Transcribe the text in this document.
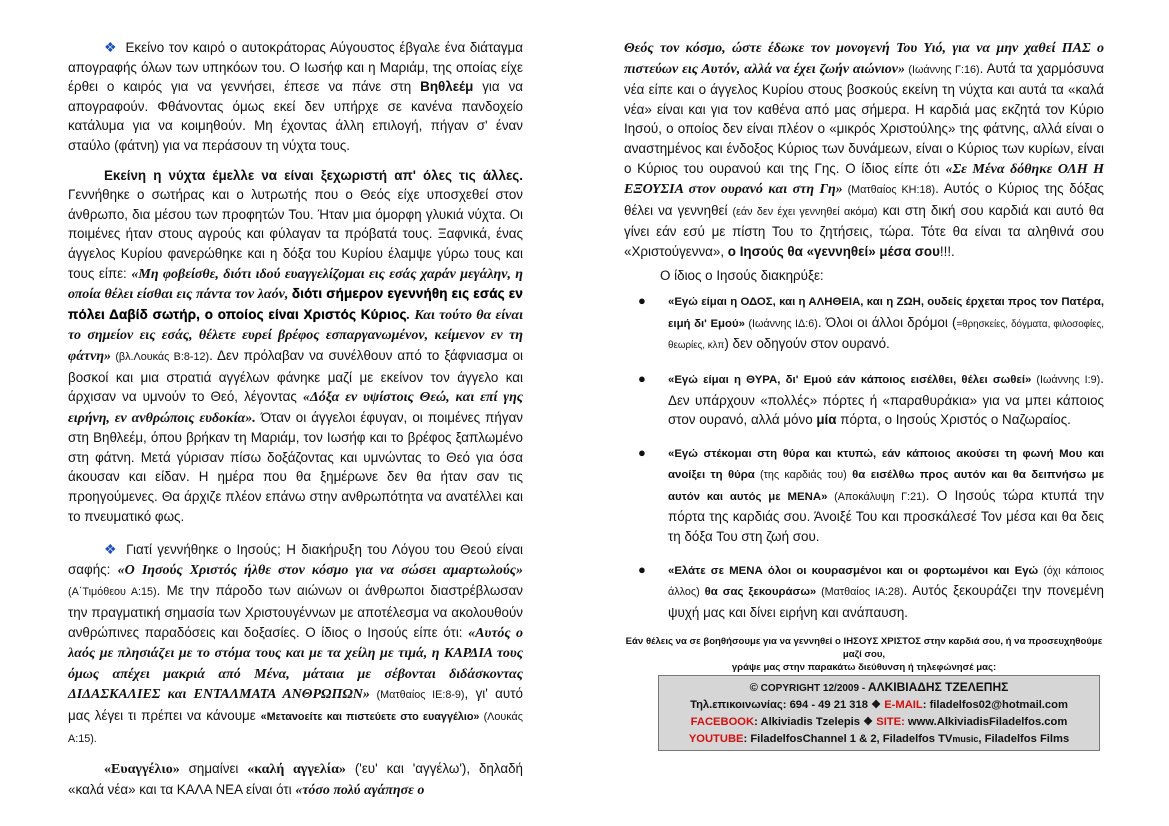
❖ Εκείνο τον καιρό ο αυτοκράτορας Αύγουστος έβγαλε ένα διάταγμα απογραφής όλων των υπηκόων του. Ο Ιωσήφ και η Μαριάμ, της οποίας είχε έρθει ο καιρός για να γεννήσει, έπεσε να πάνε στη Βηθλεέμ για να απογραφούν. Φθάνοντας όμως εκεί δεν υπήρχε σε κανένα πανδοχείο κατάλυμα για να κοιμηθούν. Μη έχοντας άλλη επιλογή, πήγαν σ' έναν σταύλο (φάτνη) για να περάσουν τη νύχτα τους.

Εκείνη η νύχτα έμελλε να είναι ξεχωριστή απ' όλες τις άλλες. Γεννήθηκε ο σωτήρας και ο λυτρωτής που ο Θεός είχε υποσχεθεί στον άνθρωπο, δια μέσου των προφητών Του. Ήταν μια όμορφη γλυκιά νύχτα. Οι ποιμένες ήταν στους αγρούς και φύλαγαν τα πρόβατά τους. Ξαφνικά, ένας άγγελος Κυρίου φανερώθηκε και η δόξα του Κυρίου έλαμψε γύρω τους και τους είπε: «Μη φοβείσθε, διότι ιδού ευαγγελίζομαι εις εσάς χαράν μεγάλην, η οποία θέλει είσθαι εις πάντα τον λαόν, διότι σήμερον εγεννήθη εις εσάς εν πόλει Δαβίδ σωτήρ, ο οποίος είναι Χριστός Κύριος. Και τούτο θα είναι το σημείον εις εσάς, θέλετε ευρεί βρέφος εσπαργανωμένον, κείμενον εν τη φάτνη» (βλ.Λουκάς Β:8-12). Δεν πρόλαβαν να συνέλθουν από το ξάφνιασμα οι βοσκοί και μια στρατιά αγγέλων φάνηκε μαζί με εκείνον τον άγγελο και άρχισαν να υμνούν το Θεό, λέγοντας «Δόξα εν υψίστοις Θεώ, και επί γης ειρήνη, εν ανθρώποις ευδοκία». Όταν οι άγγελοι έφυγαν, οι ποιμένες πήγαν στη Βηθλεέμ, όπου βρήκαν τη Μαριάμ, τον Ιωσήφ και το βρέφος ξαπλωμένο στη φάτνη. Μετά γύρισαν πίσω δοξάζοντας και υμνώντας το Θεό για όσα άκουσαν και είδαν. Η ημέρα που θα ξημέρωνε δεν θα ήταν σαν τις προηγούμενες. Θα άρχιζε πλέον επάνω στην ανθρωπότητα να ανατέλλει και το πνευματικό φως.

❖ Γιατί γεννήθηκε ο Ιησούς; Η διακήρυξη του Λόγου του Θεού είναι σαφής: «Ο Ιησούς Χριστός ήλθε στον κόσμο για να σώσει αμαρτωλούς» (Α΄Τιμόθεου Α:15). Με την πάροδο των αιώνων οι άνθρωποι διαστρέβλωσαν την πραγματική σημασία των Χριστουγέννων με αποτέλεσμα να ακολουθούν ανθρώπινες παραδόσεις και δοξασίες. Ο ίδιος ο Ιησούς είπε ότι: «Αυτός ο λαός με πλησιάζει με το στόμα τους και με τα χείλη με τιμά, η ΚΑΡΔΙΑ τους όμως απέχει μακριά από Μένα, μάταια με σέβονται διδάσκοντας ΔΙΔΑΣΚΑΛΙΕΣ και ΕΝΤΑΛΜΑΤΑ ΑΝΘΡΩΠΩΝ» (Ματθαίος ΙΕ:8-9), γι' αυτό μας λέγει τι πρέπει να κάνουμε «Μετανοείτε και πιστεύετε στο ευαγγέλιο» (Λουκάς Α:15).

«Ευαγγέλιο» σημαίνει «καλή αγγελία» ('ευ' και 'αγγέλω'), δηλαδή «καλά νέα» και τα ΚΑΛΑ ΝΕΑ είναι ότι «τόσο πολύ αγάπησε ο

Θεός τον κόσμο, ώστε έδωκε τον μονογενή Του Υιό, για να μην χαθεί ΠΑΣ ο πιστεύων εις Αυτόν, αλλά να έχει ζωήν αιώνιον» (Ιωάννης Γ:16). Αυτά τα χαρμόσυνα νέα είπε και ο άγγελος Κυρίου στους βοσκούς εκείνη τη νύχτα και αυτά τα «καλά νέα» είναι και για τον καθένα από μας σήμερα. Η καρδιά μας εκζητά τον Κύριο Ιησού, ο οποίος δεν είναι πλέον ο «μικρός Χριστούλης» της φάτνης, αλλά είναι ο αναστημένος και ένδοξος Κύριος των δυνάμεων, είναι ο Κύριος των κυρίων, είναι ο Κύριος του ουρανού και της Γης. Ο ίδιος είπε ότι «Σε Μένα δόθηκε ΟΛΗ Η ΕΞΟΥΣΙΑ στον ουρανό και στη Γη» (Ματθαίος ΚΗ:18). Αυτός ο Κύριος της δόξας θέλει να γεννηθεί (εάν δεν έχει γεννηθεί ακόμα) και στη δική σου καρδιά και αυτό θα γίνει εάν εσύ με πίστη Του το ζητήσεις, τώρα. Τότε θα είναι τα αληθινά σου «Χριστούγεννα», ο Ιησούς θα «γεννηθεί» μέσα σου!!!.

Ο ίδιος ο Ιησούς διακηρύξε:

● «Εγώ είμαι η ΟΔΟΣ, και η ΑΛΗΘΕΙΑ, και η ΖΩΗ, ουδείς έρχεται προς τον Πατέρα, ειμή δι' Εμού» (Ιωάννης ΙΔ:6). Όλοι οι άλλοι δρόμοι (=θρησκείες, δόγματα, φιλοσοφίες, θεωρίες, κλπ) δεν οδηγούν στον ουρανό.
● «Εγώ είμαι η ΘΥΡΑ, δι' Εμού εάν κάποιος εισέλθει, θέλει σωθεί» (Ιωάννης Ι:9). Δεν υπάρχουν «πολλές» πόρτες ή «παραθυράκια» για να μπει κάποιος στον ουρανό, αλλά μόνο μία πόρτα, ο Ιησούς Χριστός ο Ναζωραίος.
● «Εγώ στέκομαι στη θύρα και κτυπώ, εάν κάποιος ακούσει τη φωνή Μου και ανοίξει τη θύρα (της καρδιάς του) θα εισέλθω προς αυτόν και θα δειπνήσω με αυτόν και αυτός με ΜΕΝΑ» (Αποκάλυψη Γ:21). Ο Ιησούς τώρα κτυπά την πόρτα της καρδιάς σου. Άνοιξέ Του και προσκάλεσέ Τον μέσα και θα δεις τη δόξα Του στη ζωή σου.
● «Ελάτε σε ΜΕΝΑ όλοι οι κουρασμένοι και οι φορτωμένοι και Εγώ (όχι κάποιος άλλος) θα σας ξεκουράσω» (Ματθαίος ΙΑ:28). Αυτός ξεκουράζει την πονεμένη ψυχή μας και δίνει ειρήνη και ανάπαυση.
Εάν θέλεις να σε βοηθήσουμε για να γεννηθεί ο ΙΗΣΟΥΣ ΧΡΙΣΤΟΣ στην καρδιά σου, ή να προσευχηθούμε μαζί σου,
γράψε μας στην παρακάτω διεύθυνση ή τηλεφώνησέ μας:
© COPYRIGHT 12/2009 - ΑΛΚΙΒΙΑΔΗΣ ΤΖΕΛΕΠΗΣ
Τηλ.επικοινωνίας: 694 - 49 21 318 ❖ E-MAIL: filadelfos02@hotmail.com
FACEBOOK: Alkiviadis Tzelepis ❖ SITE: www.AlkiviadisFiladelfos.com
YOUTUBE: FiladelfosChannel 1 & 2, Filadelfos TVmusic, Filadelfos Films
